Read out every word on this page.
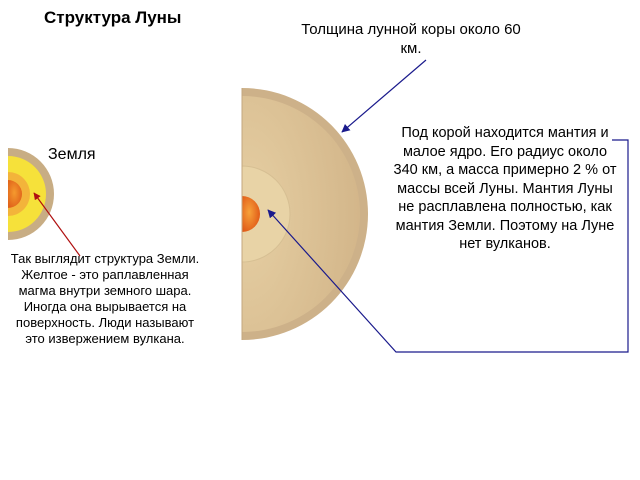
Структура Луны
Толщина лунной коры около 60 км.
Земля
Так выглядит структура Земли. Желтое - это раплавленная магма внутри земного шара. Иногда она вырывается на поверхность. Люди называют это извержением вулкана.
Под корой находится мантия и малое ядро. Его радиус около 340 км, а масса примерно 2 % от массы всей Луны. Мантия Луны не расплавлена полностью, как мантия Земли. Поэтому на Луне нет вулканов.
